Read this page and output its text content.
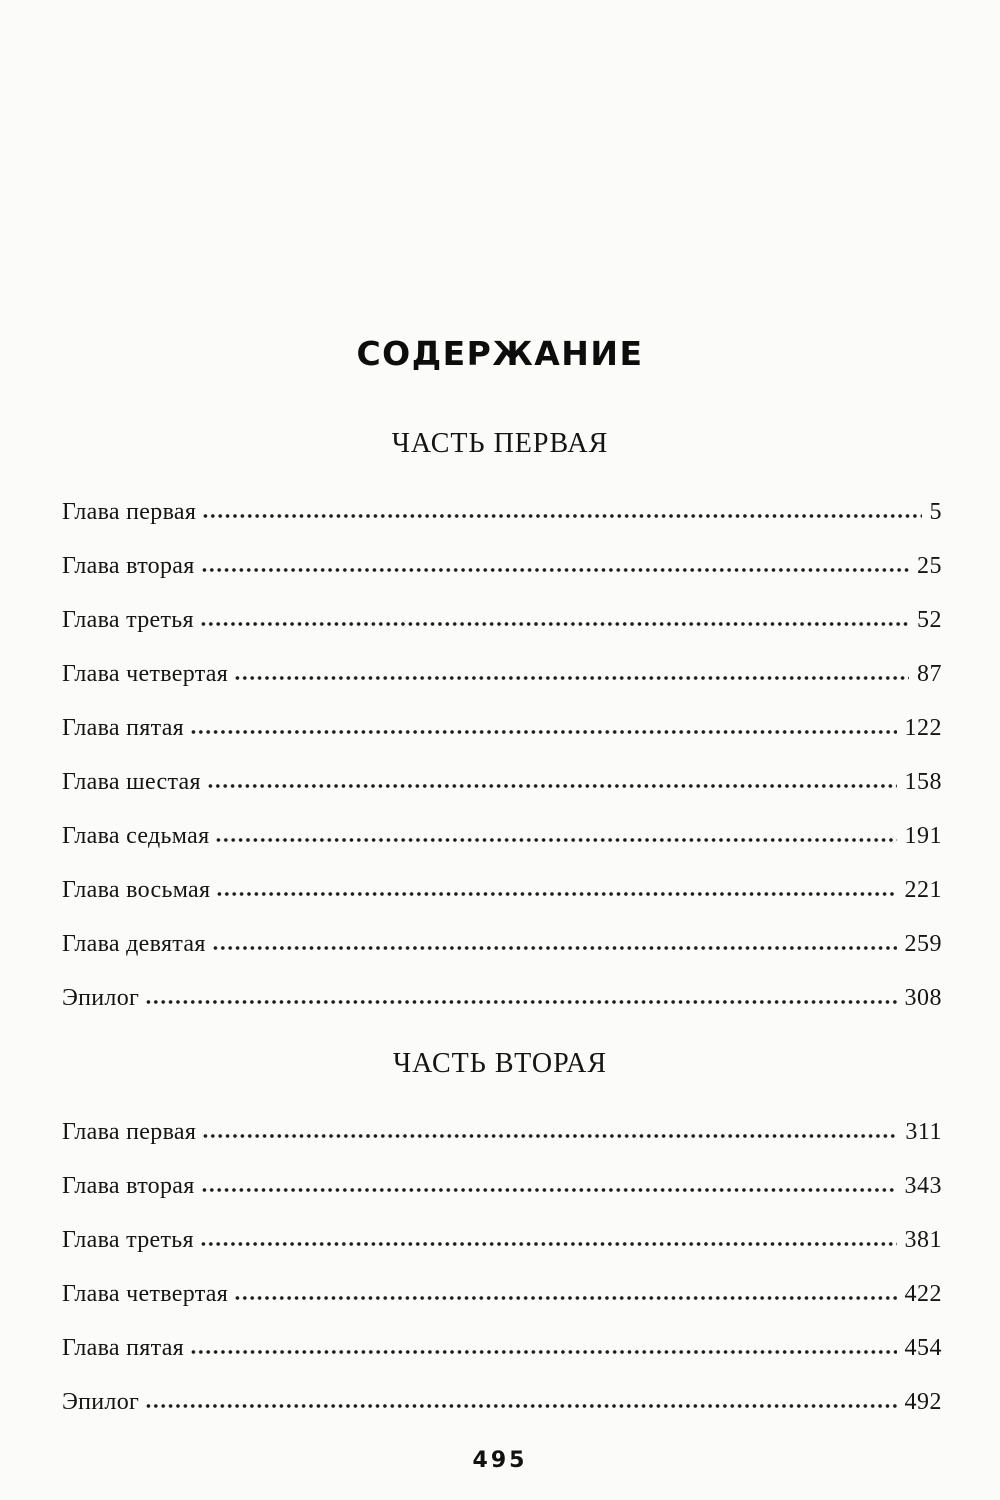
СОДЕРЖАНИЕ
ЧАСТЬ ПЕРВАЯ
Глава первая	5
Глава вторая	25
Глава третья	52
Глава четвертая	87
Глава пятая	122
Глава шестая	158
Глава седьмая	191
Глава восьмая	221
Глава девятая	259
Эпилог	308
ЧАСТЬ ВТОРАЯ
Глава первая	311
Глава вторая	343
Глава третья	381
Глава четвертая	422
Глава пятая	454
Эпилог	492
495
